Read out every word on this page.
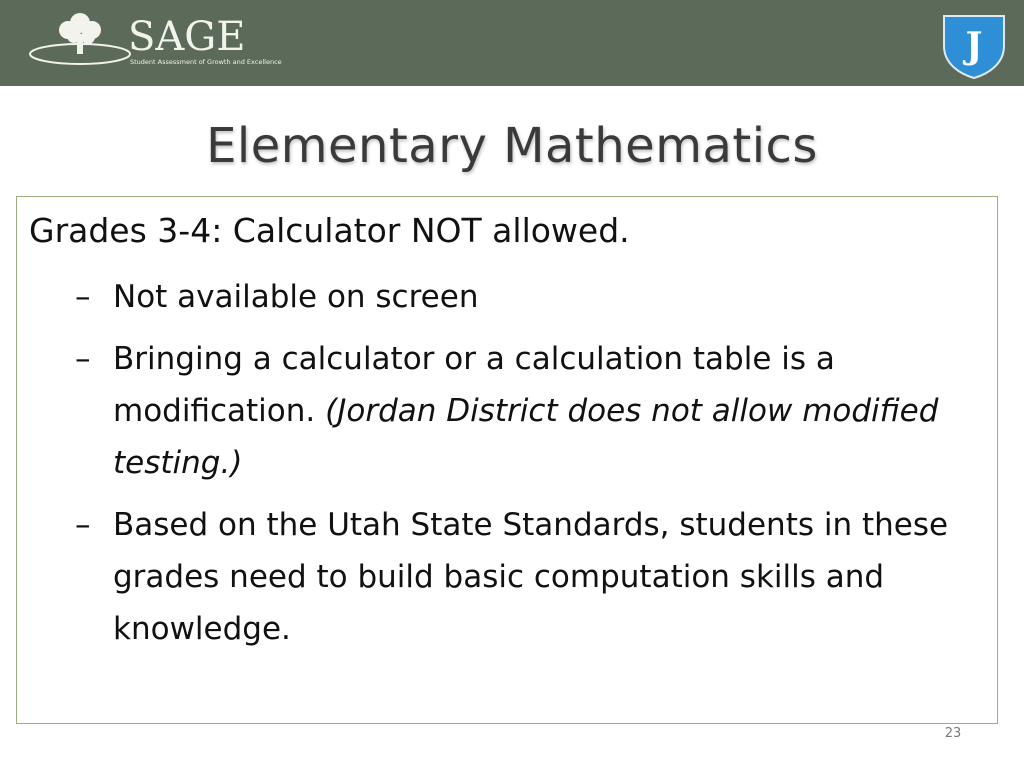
SAGE
Student Assessment of Growth and Excellence	J
Elementary Mathematics
Grades 3-4: Calculator NOT allowed.
– Not available on screen
– Bringing a calculator or a calculation table is a modification. (Jordan District does not allow modified testing.)
– Based on the Utah State Standards, students in these grades need to build basic computation skills and knowledge.
23
